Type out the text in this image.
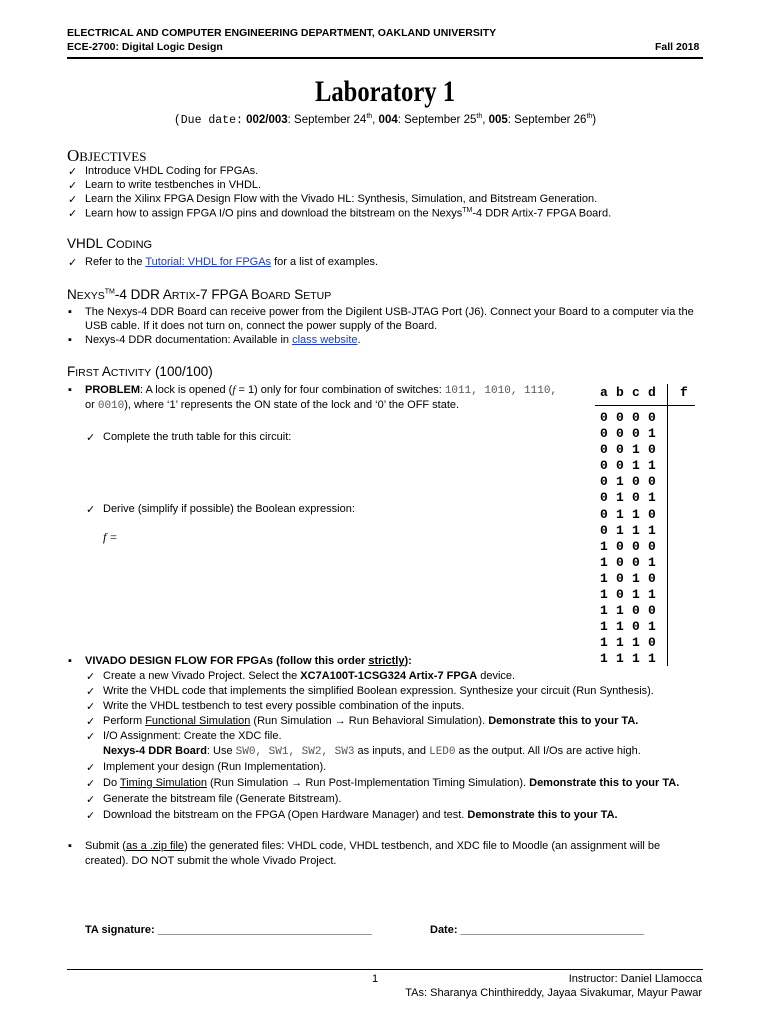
ELECTRICAL AND COMPUTER ENGINEERING DEPARTMENT, OAKLAND UNIVERSITY
ECE-2700: Digital Logic Design	Fall 2018
Laboratory 1
(Due date: 002/003: September 24th, 004: September 25th, 005: September 26th)
OBJECTIVES
✓ Introduce VHDL Coding for FPGAs.
✓ Learn to write testbenches in VHDL.
✓ Learn the Xilinx FPGA Design Flow with the Vivado HL: Synthesis, Simulation, and Bitstream Generation.
✓ Learn how to assign FPGA I/O pins and download the bitstream on the Nexys™-4 DDR Artix-7 FPGA Board.
VHDL CODING
✓ Refer to the Tutorial: VHDL for FPGAs for a list of examples.
NEXYS™-4 DDR ARTIX-7 FPGA BOARD SETUP
▪ The Nexys-4 DDR Board can receive power from the Digilent USB-JTAG Port (J6). Connect your Board to a computer via the
USB cable. If it does not turn on, connect the power supply of the Board.
▪ Nexys-4 DDR documentation: Available in class website.
FIRST ACTIVITY (100/100)
▪ PROBLEM: A lock is opened (f = 1) only for four combination of switches: 1011, 1010, 1110,
or 0010), where ‘1’ represents the ON state of the lock and ‘0’ the OFF state.
✓ Complete the truth table for this circuit:
✓ Derive (simplify if possible) the Boolean expression:
f =
a b c d f
0 0 0 0
0 0 0 1
0 0 1 0
0 0 1 1
0 1 0 0
0 1 0 1
0 1 1 0
0 1 1 1
1 0 0 0
1 0 0 1
1 0 1 0
1 0 1 1
1 1 0 0
1 1 0 1
1 1 1 0
1 1 1 1
▪ VIVADO DESIGN FLOW FOR FPGAs (follow this order strictly):
✓ Create a new Vivado Project. Select the XC7A100T-1CSG324 Artix-7 FPGA device.
✓ Write the VHDL code that implements the simplified Boolean expression. Synthesize your circuit (Run Synthesis).
✓ Write the VHDL testbench to test every possible combination of the inputs.
✓ Perform Functional Simulation (Run Simulation → Run Behavioral Simulation). Demonstrate this to your TA.
✓ I/O Assignment: Create the XDC file.
Nexys-4 DDR Board: Use SW0, SW1, SW2, SW3 as inputs, and LED0 as the output. All I/Os are active high.
✓ Implement your design (Run Implementation).
✓ Do Timing Simulation (Run Simulation → Run Post-Implementation Timing Simulation). Demonstrate this to your TA.
✓ Generate the bitstream file (Generate Bitstream).
✓ Download the bitstream on the FPGA (Open Hardware Manager) and test. Demonstrate this to your TA.
▪ Submit (as a .zip file) the generated files: VHDL code, VHDL testbench, and XDC file to Moodle (an assignment will be
created). DO NOT submit the whole Vivado Project.
TA signature: ___________________________________	Date: ______________________________
1	Instructor: Daniel Llamocca
TAs: Sharanya Chinthireddy, Jayaa Sivakumar, Mayur Pawar
